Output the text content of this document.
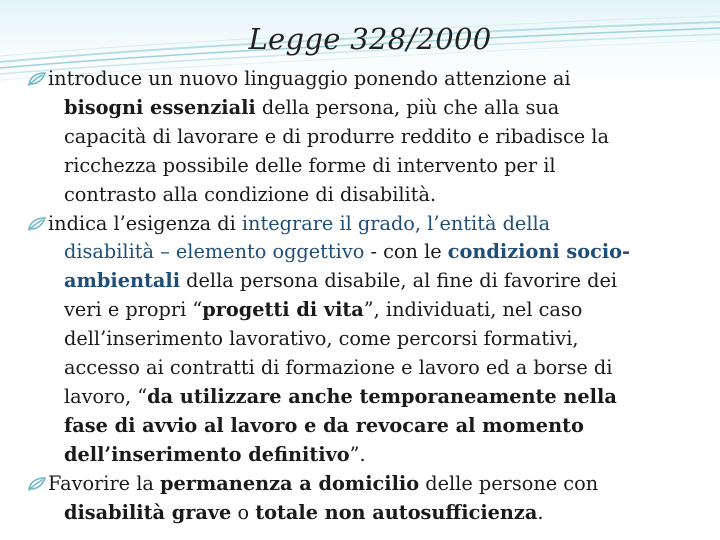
Legge 328/2000
introduce un nuovo linguaggio ponendo attenzione ai
bisogni essenziali della persona, più che alla sua
capacità di lavorare e di produrre reddito e ribadisce la
ricchezza possibile delle forme di intervento per il
contrasto alla condizione di disabilità.
indica l’esigenza di integrare il grado, l’entità della
disabilità – elemento oggettivo - con le condizioni socio-
ambientali della persona disabile, al fine di favorire dei
veri e propri “progetti di vita”, individuati, nel caso
dell’inserimento lavorativo, come percorsi formativi,
accesso ai contratti di formazione e lavoro ed a borse di
lavoro, “da utilizzare anche temporaneamente nella
fase di avvio al lavoro e da revocare al momento
dell’inserimento definitivo”.
Favorire la permanenza a domicilio delle persone con
disabilità grave o totale non autosufficienza.
